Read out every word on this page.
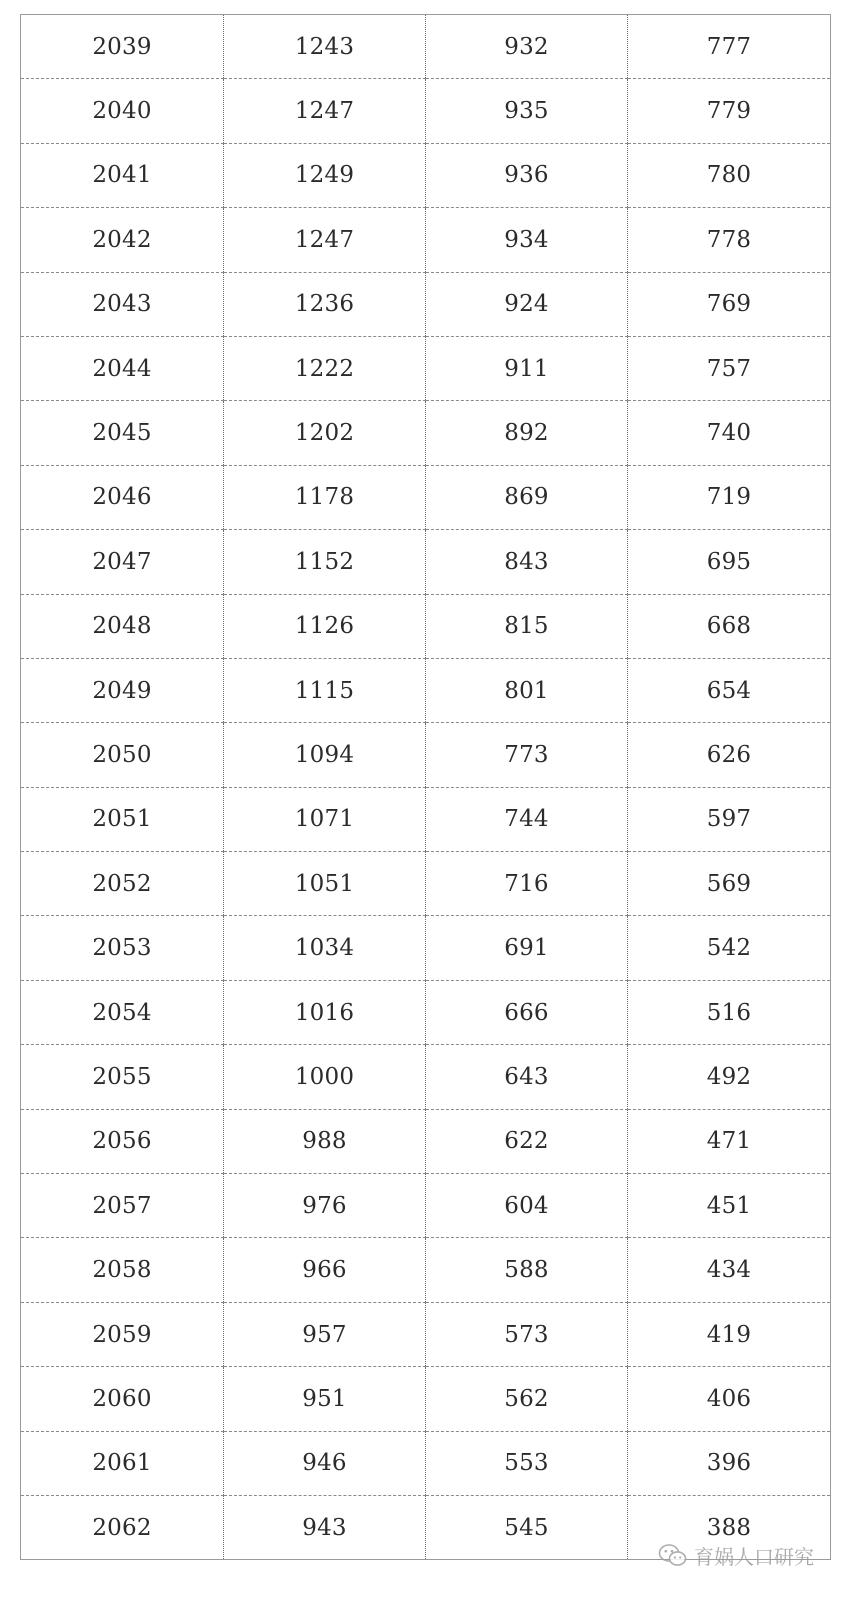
2039	1243	932	777
2040	1247	935	779
2041	1249	936	780
2042	1247	934	778
2043	1236	924	769
2044	1222	911	757
2045	1202	892	740
2046	1178	869	719
2047	1152	843	695
2048	1126	815	668
2049	1115	801	654
2050	1094	773	626
2051	1071	744	597
2052	1051	716	569
2053	1034	691	542
2054	1016	666	516
2055	1000	643	492
2056	988	622	471
2057	976	604	451
2058	966	588	434
2059	957	573	419
2060	951	562	406
2061	946	553	396
2062	943	545	388
育娲人口研究
